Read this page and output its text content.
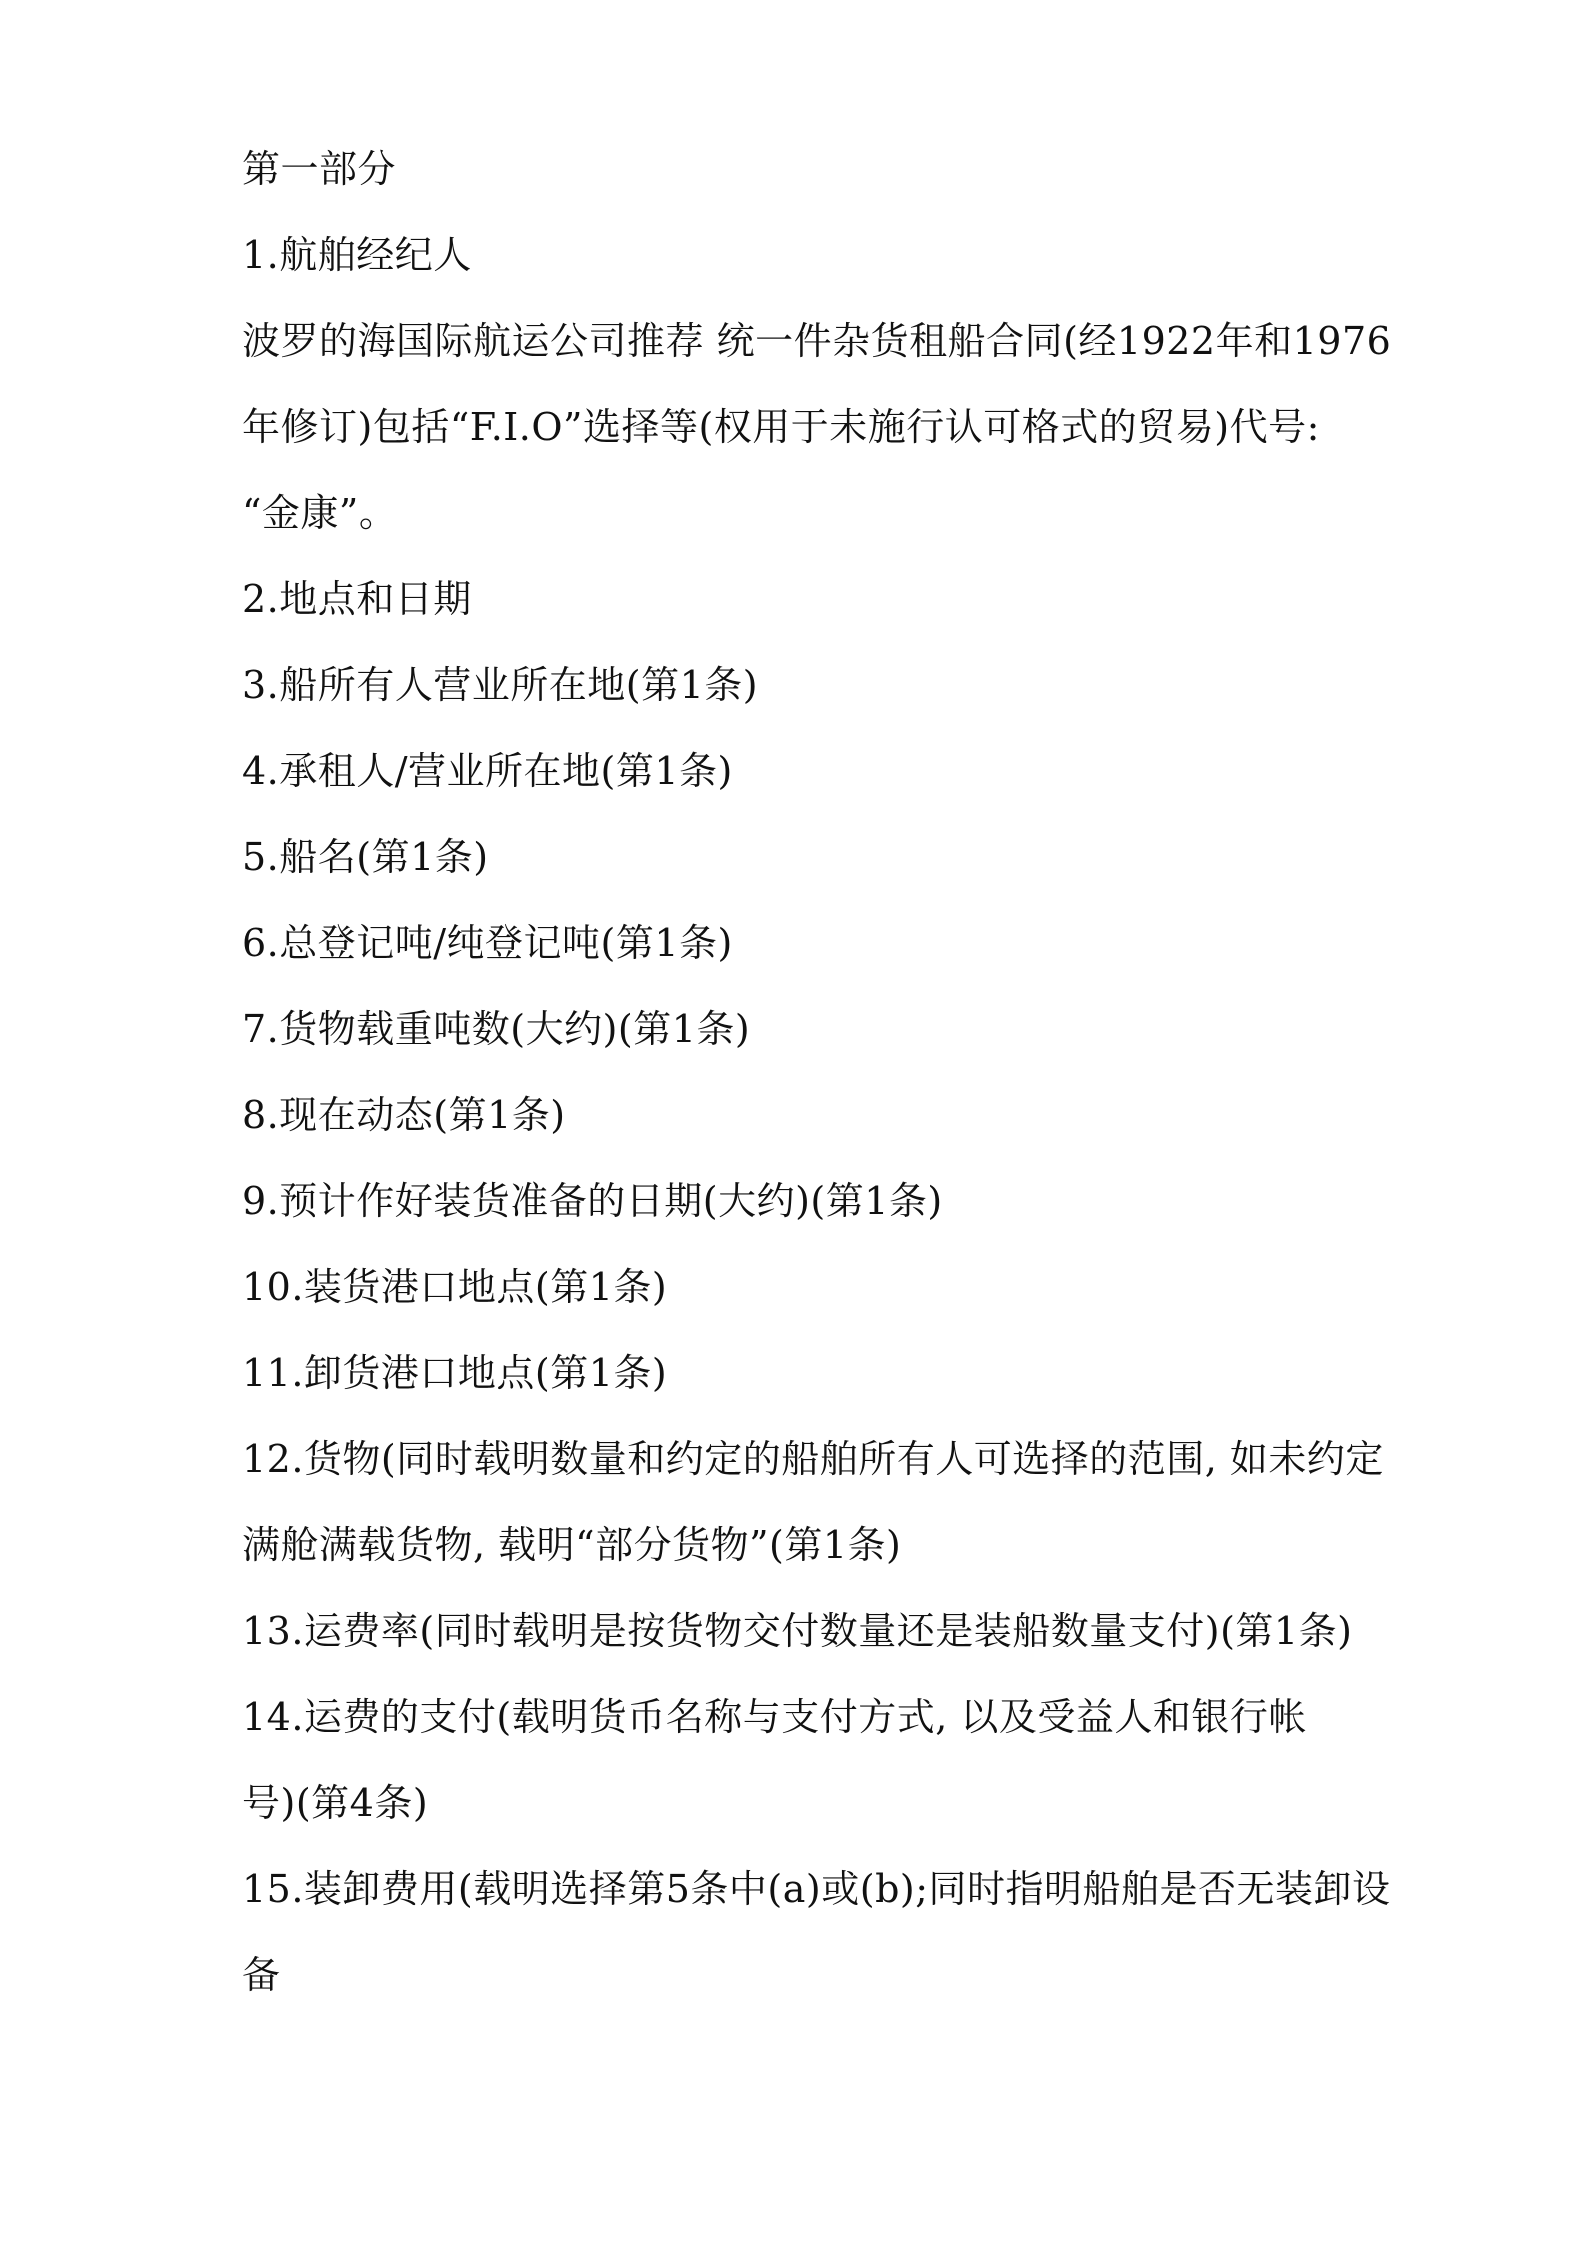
第一部分
1.航舶经纪人
波罗的海国际航运公司推荐 统一件杂货租船合同(经1922年和1976
年修订)包括“F.I.O”选择等(权用于未施行认可格式的贸易)代号:
“金康”。
2.地点和日期
3.船所有人营业所在地(第1条)
4.承租人/营业所在地(第1条)
5.船名(第1条)
6.总登记吨/纯登记吨(第1条)
7.货物载重吨数(大约)(第1条)
8.现在动态(第1条)
9.预计作好装货准备的日期(大约)(第1条)
10.装货港口地点(第1条)
11.卸货港口地点(第1条)
12.货物(同时载明数量和约定的船舶所有人可选择的范围, 如未约定
满舱满载货物, 载明“部分货物”(第1条)
13.运费率(同时载明是按货物交付数量还是装船数量支付)(第1条)
14.运费的支付(载明货币名称与支付方式, 以及受益人和银行帐
号)(第4条)
15.装卸费用(载明选择第5条中(a)或(b);同时指明船舶是否无装卸设
备
